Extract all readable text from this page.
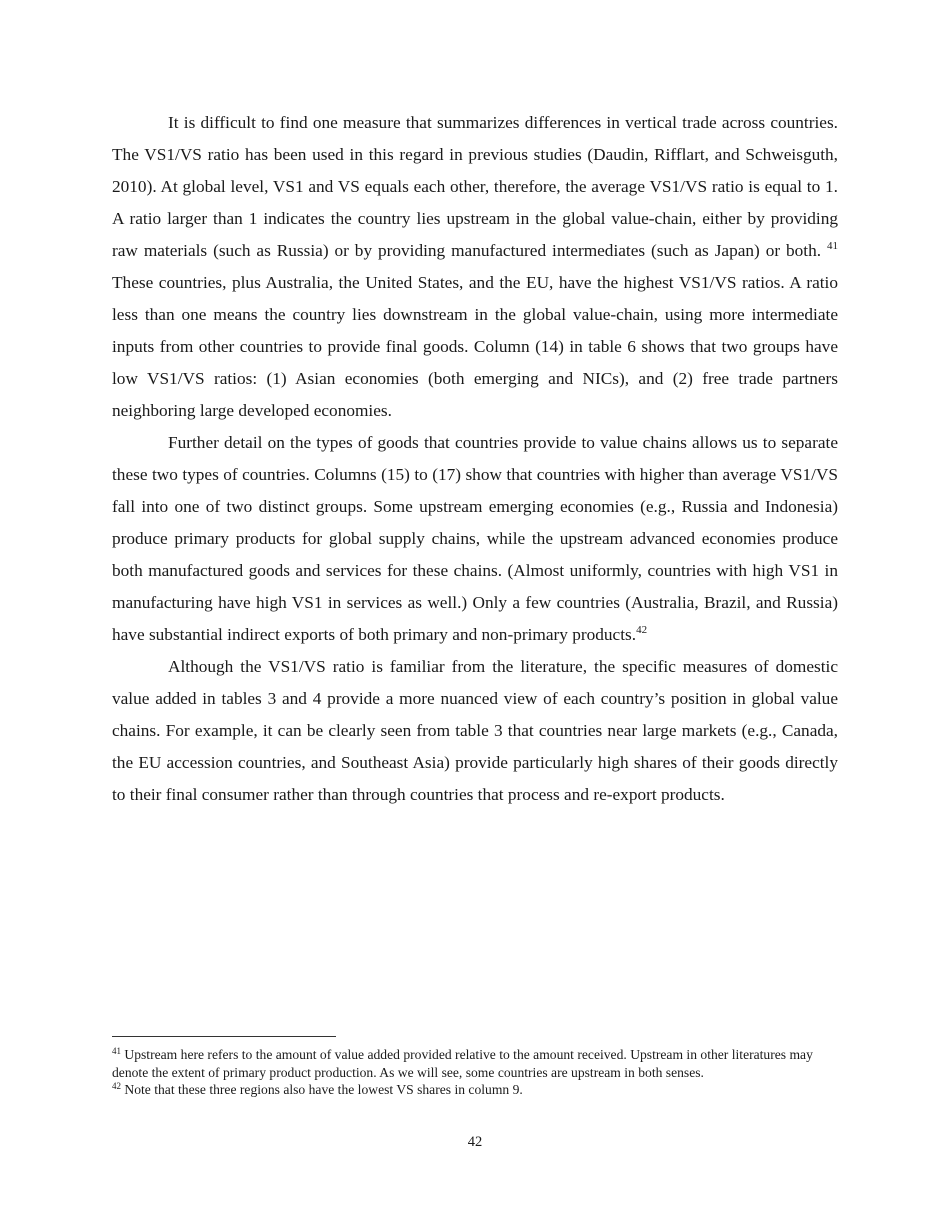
It is difficult to find one measure that summarizes differences in vertical trade across countries. The VS1/VS ratio has been used in this regard in previous studies (Daudin, Rifflart, and Schweisguth, 2010). At global level, VS1 and VS equals each other, therefore, the average VS1/VS ratio is equal to 1. A ratio larger than 1 indicates the country lies upstream in the global value-chain, either by providing raw materials (such as Russia) or by providing manufactured intermediates (such as Japan) or both. $^{41}$ These countries, plus Australia, the United States, and the EU, have the highest VS1/VS ratios. A ratio less than one means the country lies downstream in the global value-chain, using more intermediate inputs from other countries to provide final goods. Column (14) in table 6 shows that two groups have low VS1/VS ratios: (1) Asian economies (both emerging and NICs), and (2) free trade partners neighboring large developed economies.

Further detail on the types of goods that countries provide to value chains allows us to separate these two types of countries. Columns (15) to (17) show that countries with higher than average VS1/VS fall into one of two distinct groups. Some upstream emerging economies (e.g., Russia and Indonesia) produce primary products for global supply chains, while the upstream advanced economies produce both manufactured goods and services for these chains. (Almost uniformly, countries with high VS1 in manufacturing have high VS1 in services as well.) Only a few countries (Australia, Brazil, and Russia) have substantial indirect exports of both primary and non-primary products.$^{42}$

Although the VS1/VS ratio is familiar from the literature, the specific measures of domestic value added in tables 3 and 4 provide a more nuanced view of each country’s position in global value chains. For example, it can be clearly seen from table 3 that countries near large markets (e.g., Canada, the EU accession countries, and Southeast Asia) provide particularly high shares of their goods directly to their final consumer rather than through countries that process and re-export products.

$^{41}$ Upstream here refers to the amount of value added provided relative to the amount received. Upstream in other literatures may denote the extent of primary product production. As we will see, some countries are upstream in both senses.

$^{42}$ Note that these three regions also have the lowest VS shares in column 9.

42
